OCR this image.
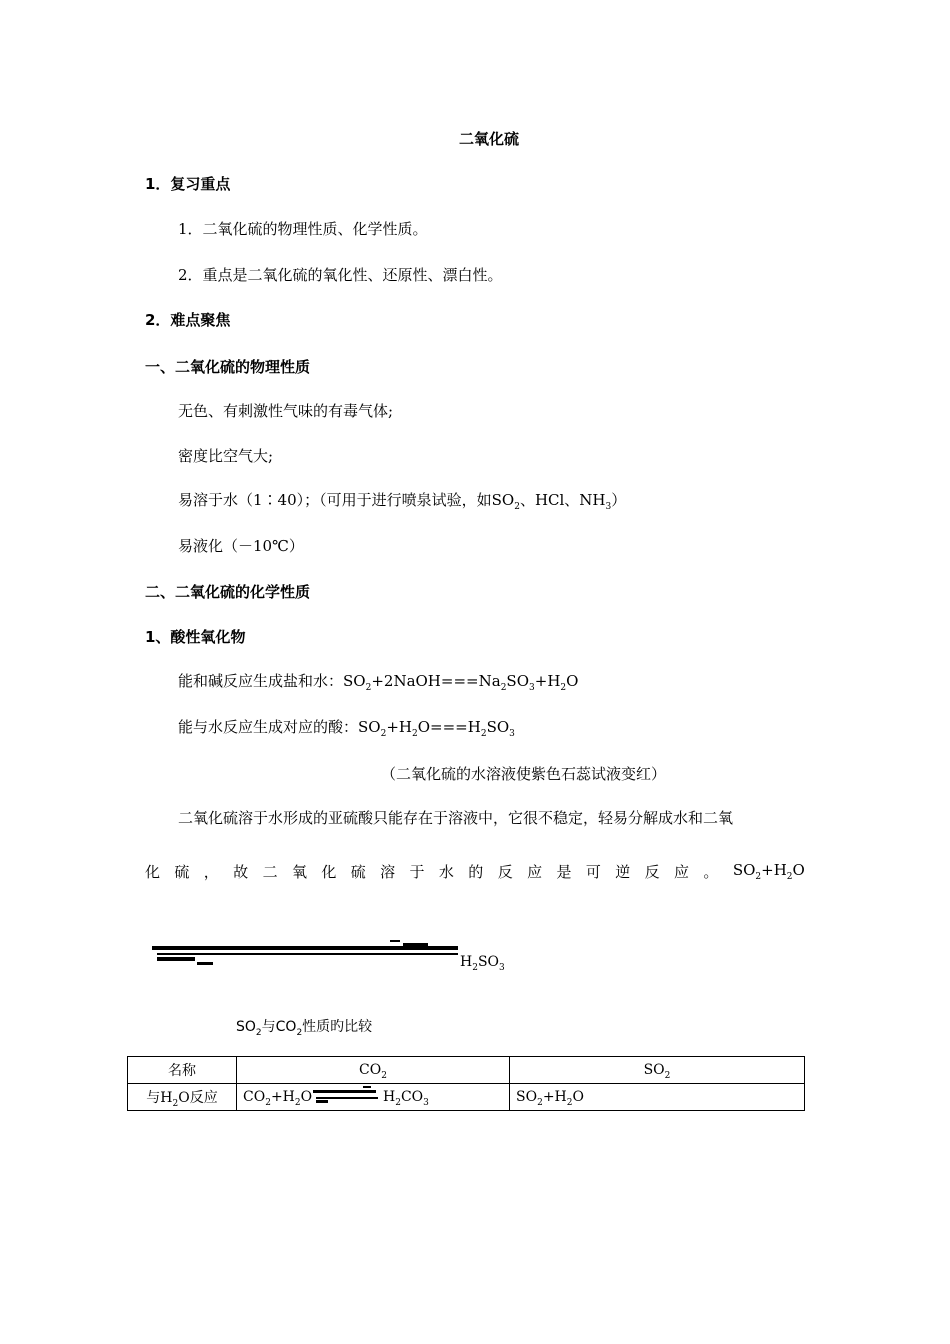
二氧化硫
1．复习重点
1．二氧化硫的物理性质、化学性质。
2．重点是二氧化硫的氧化性、还原性、漂白性。
2．难点聚焦
一、二氧化硫的物理性质
无色、有刺激性气味的有毒气体;
密度比空气大;
易溶于水（1∶40）；（可用于进行喷泉试验，如$SO_2$、HCl、$NH_3$）
易液化（－10℃）
二、二氧化硫的化学性质
1、酸性氧化物
能和碱反应生成盐和水：$SO_2+2NaOH===Na_2SO_3+H_2O$
能与水反应生成对应的酸：$SO_2+H_2O===H_2SO_3$
（二氧化硫的水溶液使紫色石蕊试液变红）
二氧化硫溶于水形成的亚硫酸只能存在于溶液中，它很不稳定，轻易分解成水和二氧
化 硫 ， 故 二 氧 化 硫 溶 于 水 的 反 应 是 可 逆 反 应 。 $SO_2+H_2O$
$H_2SO_3$
$SO_2$与$CO_2$性质旳比较
名称	$CO_2$	$SO_2$
与$H_2O$反应	$CO_2+H_2O$ $H_2CO_3$	$SO_2+H_2O$
